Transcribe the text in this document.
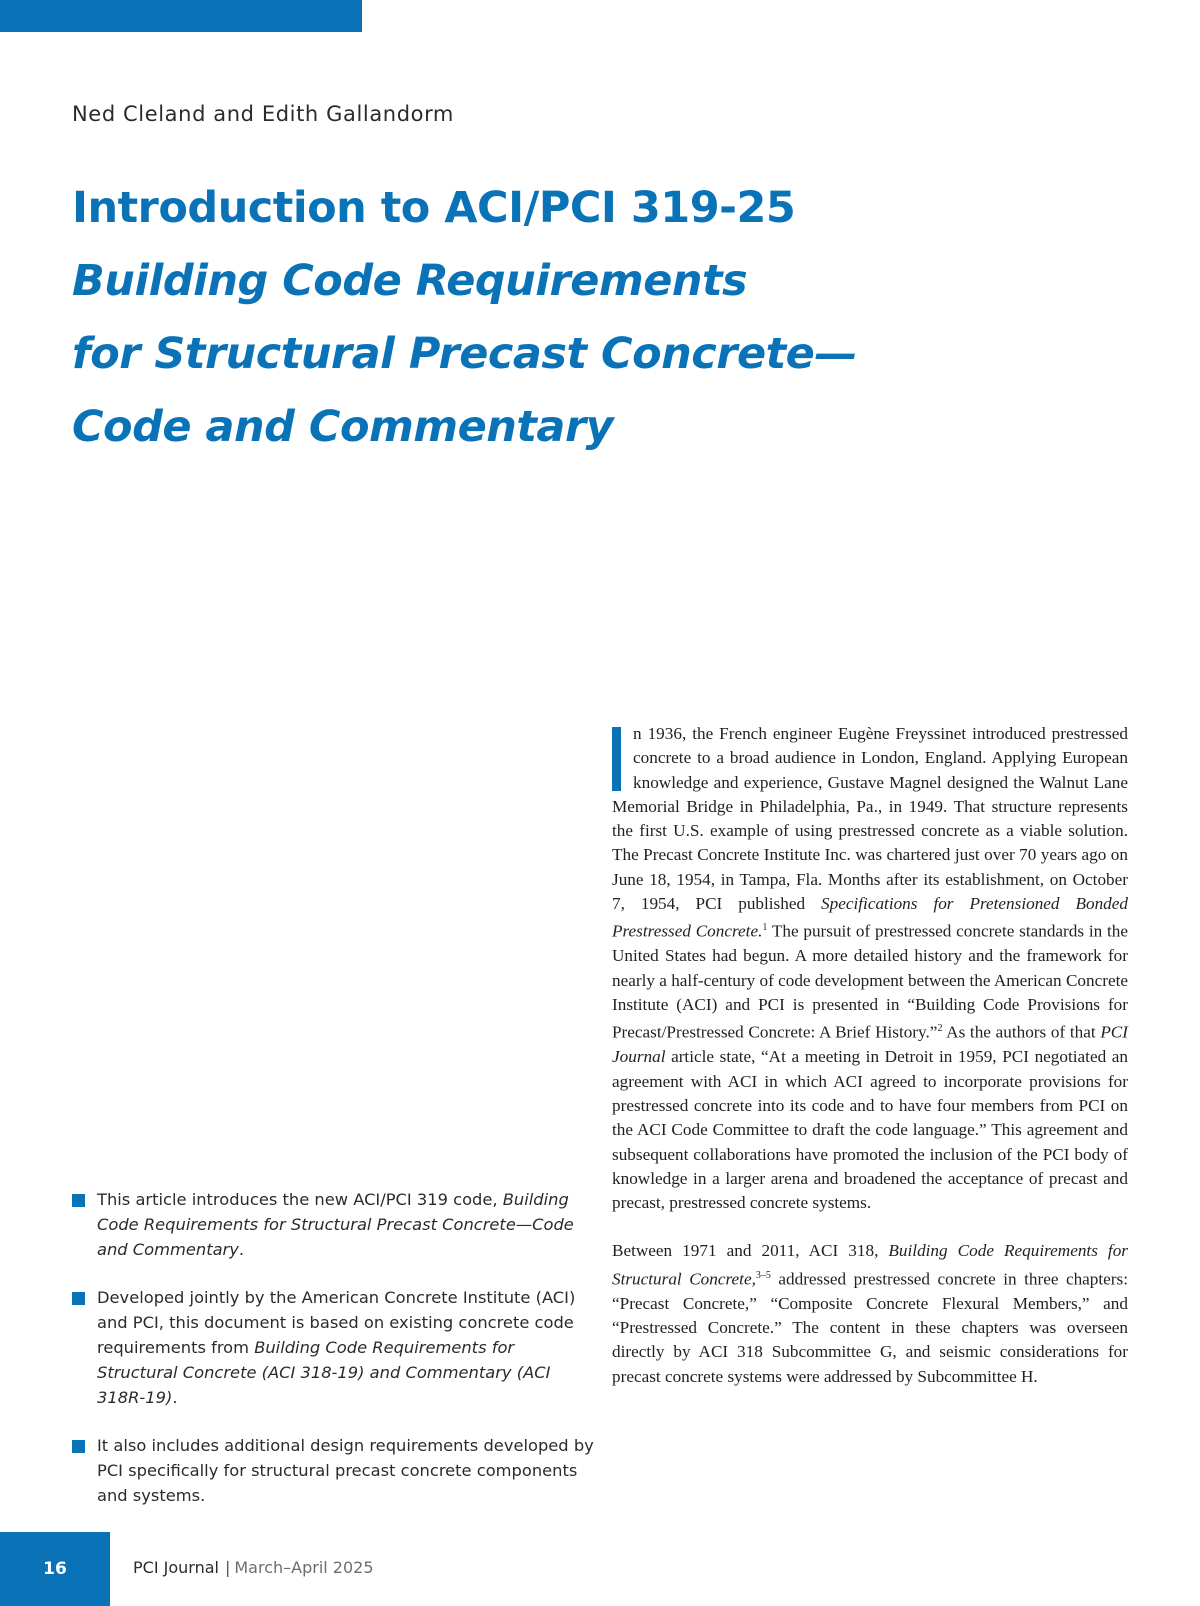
Ned Cleland and Edith Gallandorm

Introduction to ACI/PCI 319-25
Building Code Requirements
for Structural Precast Concrete—
Code and Commentary
This article introduces the new ACI/PCI 319 code, Building Code Requirements for Structural Precast Concrete—Code and Commentary.
Developed jointly by the American Concrete Institute (ACI) and PCI, this document is based on existing concrete code requirements from Building Code Requirements for Structural Concrete (ACI 318-19) and Commentary (ACI 318R-19).
It also includes additional design requirements developed by PCI specifically for structural precast concrete components and systems.

n 1936, the French engineer Eugène Freyssinet introduced prestressed concrete to a broad audience in London, England. Applying European knowledge and experience, Gustave Magnel designed the Walnut Lane Memorial Bridge in Philadelphia, Pa., in 1949. That structure represents the first U.S. example of using prestressed concrete as a viable solution. The Precast Concrete Institute Inc. was chartered just over 70 years ago on June 18, 1954, in Tampa, Fla. Months after its establishment, on October 7, 1954, PCI published Specifications for Pretensioned Bonded Prestressed Concrete.$^1$ The pursuit of prestressed concrete standards in the United States had begun. A more detailed history and the framework for nearly a half-century of code development between the American Concrete Institute (ACI) and PCI is presented in “Building Code Provisions for Precast/Prestressed Concrete: A Brief History.”$^2$ As the authors of that PCI Journal article state, “At a meeting in Detroit in 1959, PCI negotiated an agreement with ACI in which ACI agreed to incorporate provisions for prestressed concrete into its code and to have four members from PCI on the ACI Code Committee to draft the code language.” This agreement and subsequent collaborations have promoted the inclusion of the PCI body of knowledge in a larger arena and broadened the acceptance of precast and precast, prestressed concrete systems.

Between 1971 and 2011, ACI 318, Building Code Requirements for Structural Concrete,$^{3-5}$ addressed prestressed concrete in three chapters: “Precast Concrete,” “Composite Concrete Flexural Members,” and “Prestressed Concrete.” The content in these chapters was overseen directly by ACI 318 Subcommittee G, and seismic considerations for precast concrete systems were addressed by Subcommittee H.

16	PCI Journal | March–April 2025
